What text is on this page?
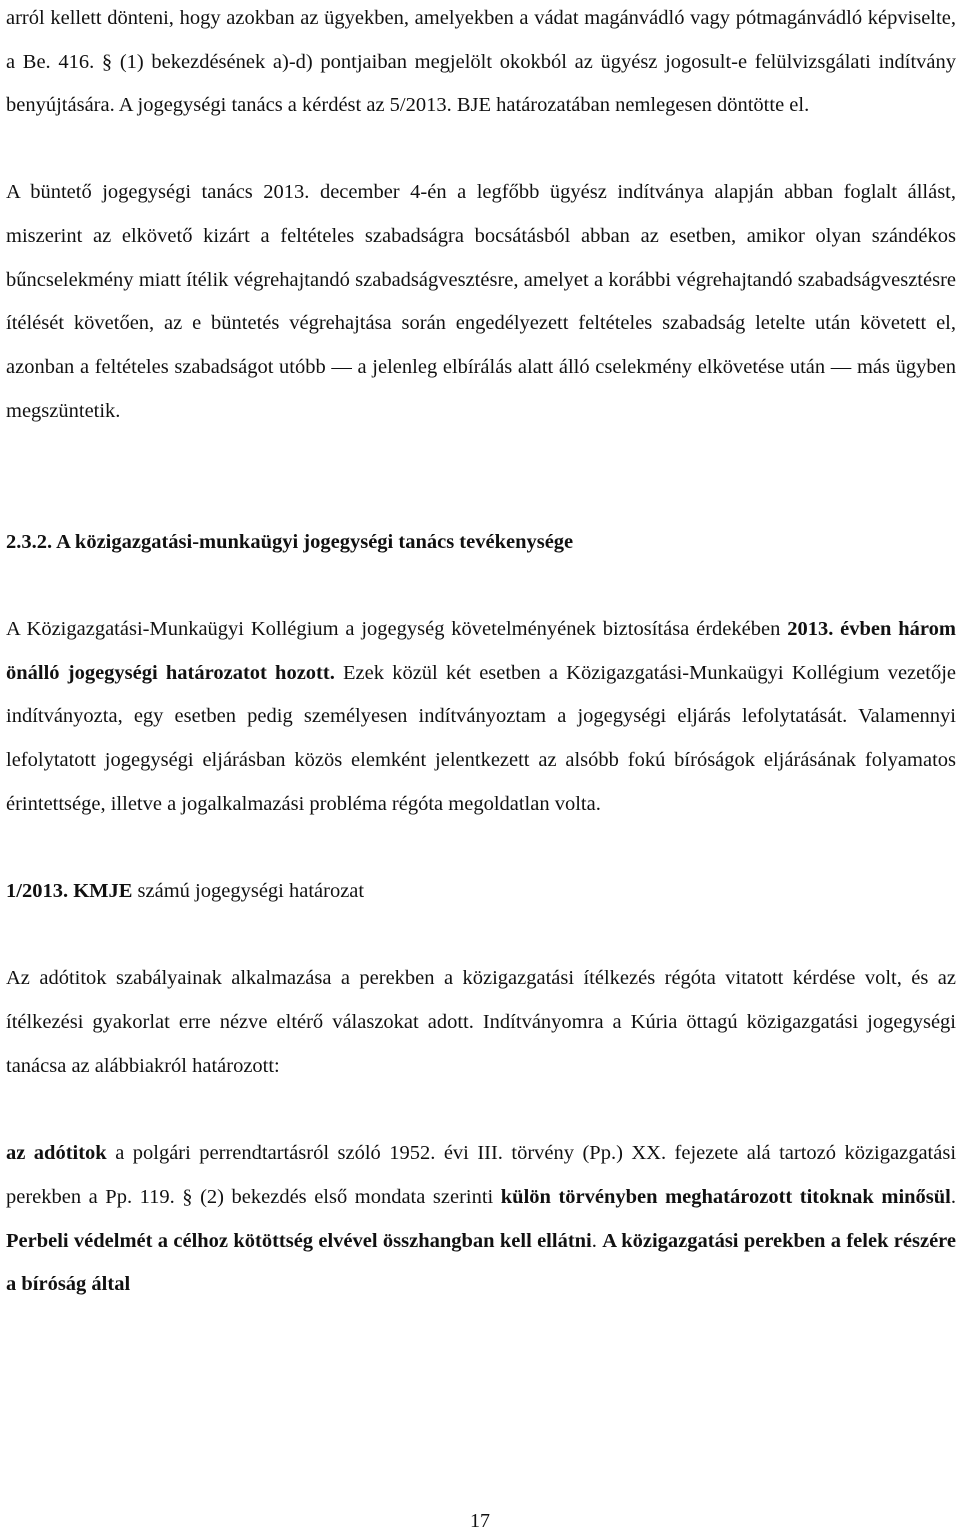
arról kellett dönteni, hogy azokban az ügyekben, amelyekben a vádat magánvádló vagy pótmagánvádló képviselte, a Be. 416. § (1) bekezdésének a)-d) pontjaiban megjelölt okokból az ügyész jogosult-e felülvizsgálati indítvány benyújtására. A jogegységi tanács a kérdést az 5/2013. BJE határozatában nemlegesen döntötte el.

A büntető jogegységi tanács 2013. december 4-én a legfőbb ügyész indítványa alapján abban foglalt állást, miszerint az elkövető kizárt a feltételes szabadságra bocsátásból abban az esetben, amikor olyan szándékos bűncselekmény miatt ítélik végrehajtandó szabadságvesztésre, amelyet a korábbi végrehajtandó szabadságvesztésre ítélését követően, az e büntetés végrehajtása során engedélyezett feltételes szabadság letelte után követett el, azonban a feltételes szabadságot utóbb — a jelenleg elbírálás alatt álló cselekmény elkövetése után — más ügyben megszüntetik.

2.3.2. A közigazgatási-munkaügyi jogegységi tanács tevékenysége

A Közigazgatási-Munkaügyi Kollégium a jogegység követelményének biztosítása érdekében 2013. évben három önálló jogegységi határozatot hozott. Ezek közül két esetben a Közigazgatási-Munkaügyi Kollégium vezetője indítványozta, egy esetben pedig személyesen indítványoztam a jogegységi eljárás lefolytatását. Valamennyi lefolytatott jogegységi eljárásban közös elemként jelentkezett az alsóbb fokú bíróságok eljárásának folyamatos érintettsége, illetve a jogalkalmazási probléma régóta megoldatlan volta.

1/2013. KMJE számú jogegységi határozat

Az adótitok szabályainak alkalmazása a perekben a közigazgatási ítélkezés régóta vitatott kérdése volt, és az ítélkezési gyakorlat erre nézve eltérő válaszokat adott. Indítványomra a Kúria öttagú közigazgatási jogegységi tanácsa az alábbiakról határozott:

az adótitok a polgári perrendtartásról szóló 1952. évi III. törvény (Pp.) XX. fejezete alá tartozó közigazgatási perekben a Pp. 119. § (2) bekezdés első mondata szerinti külön törvényben meghatározott titoknak minősül. Perbeli védelmét a célhoz kötöttség elvével összhangban kell ellátni. A közigazgatási perekben a felek részére a bíróság által

17
